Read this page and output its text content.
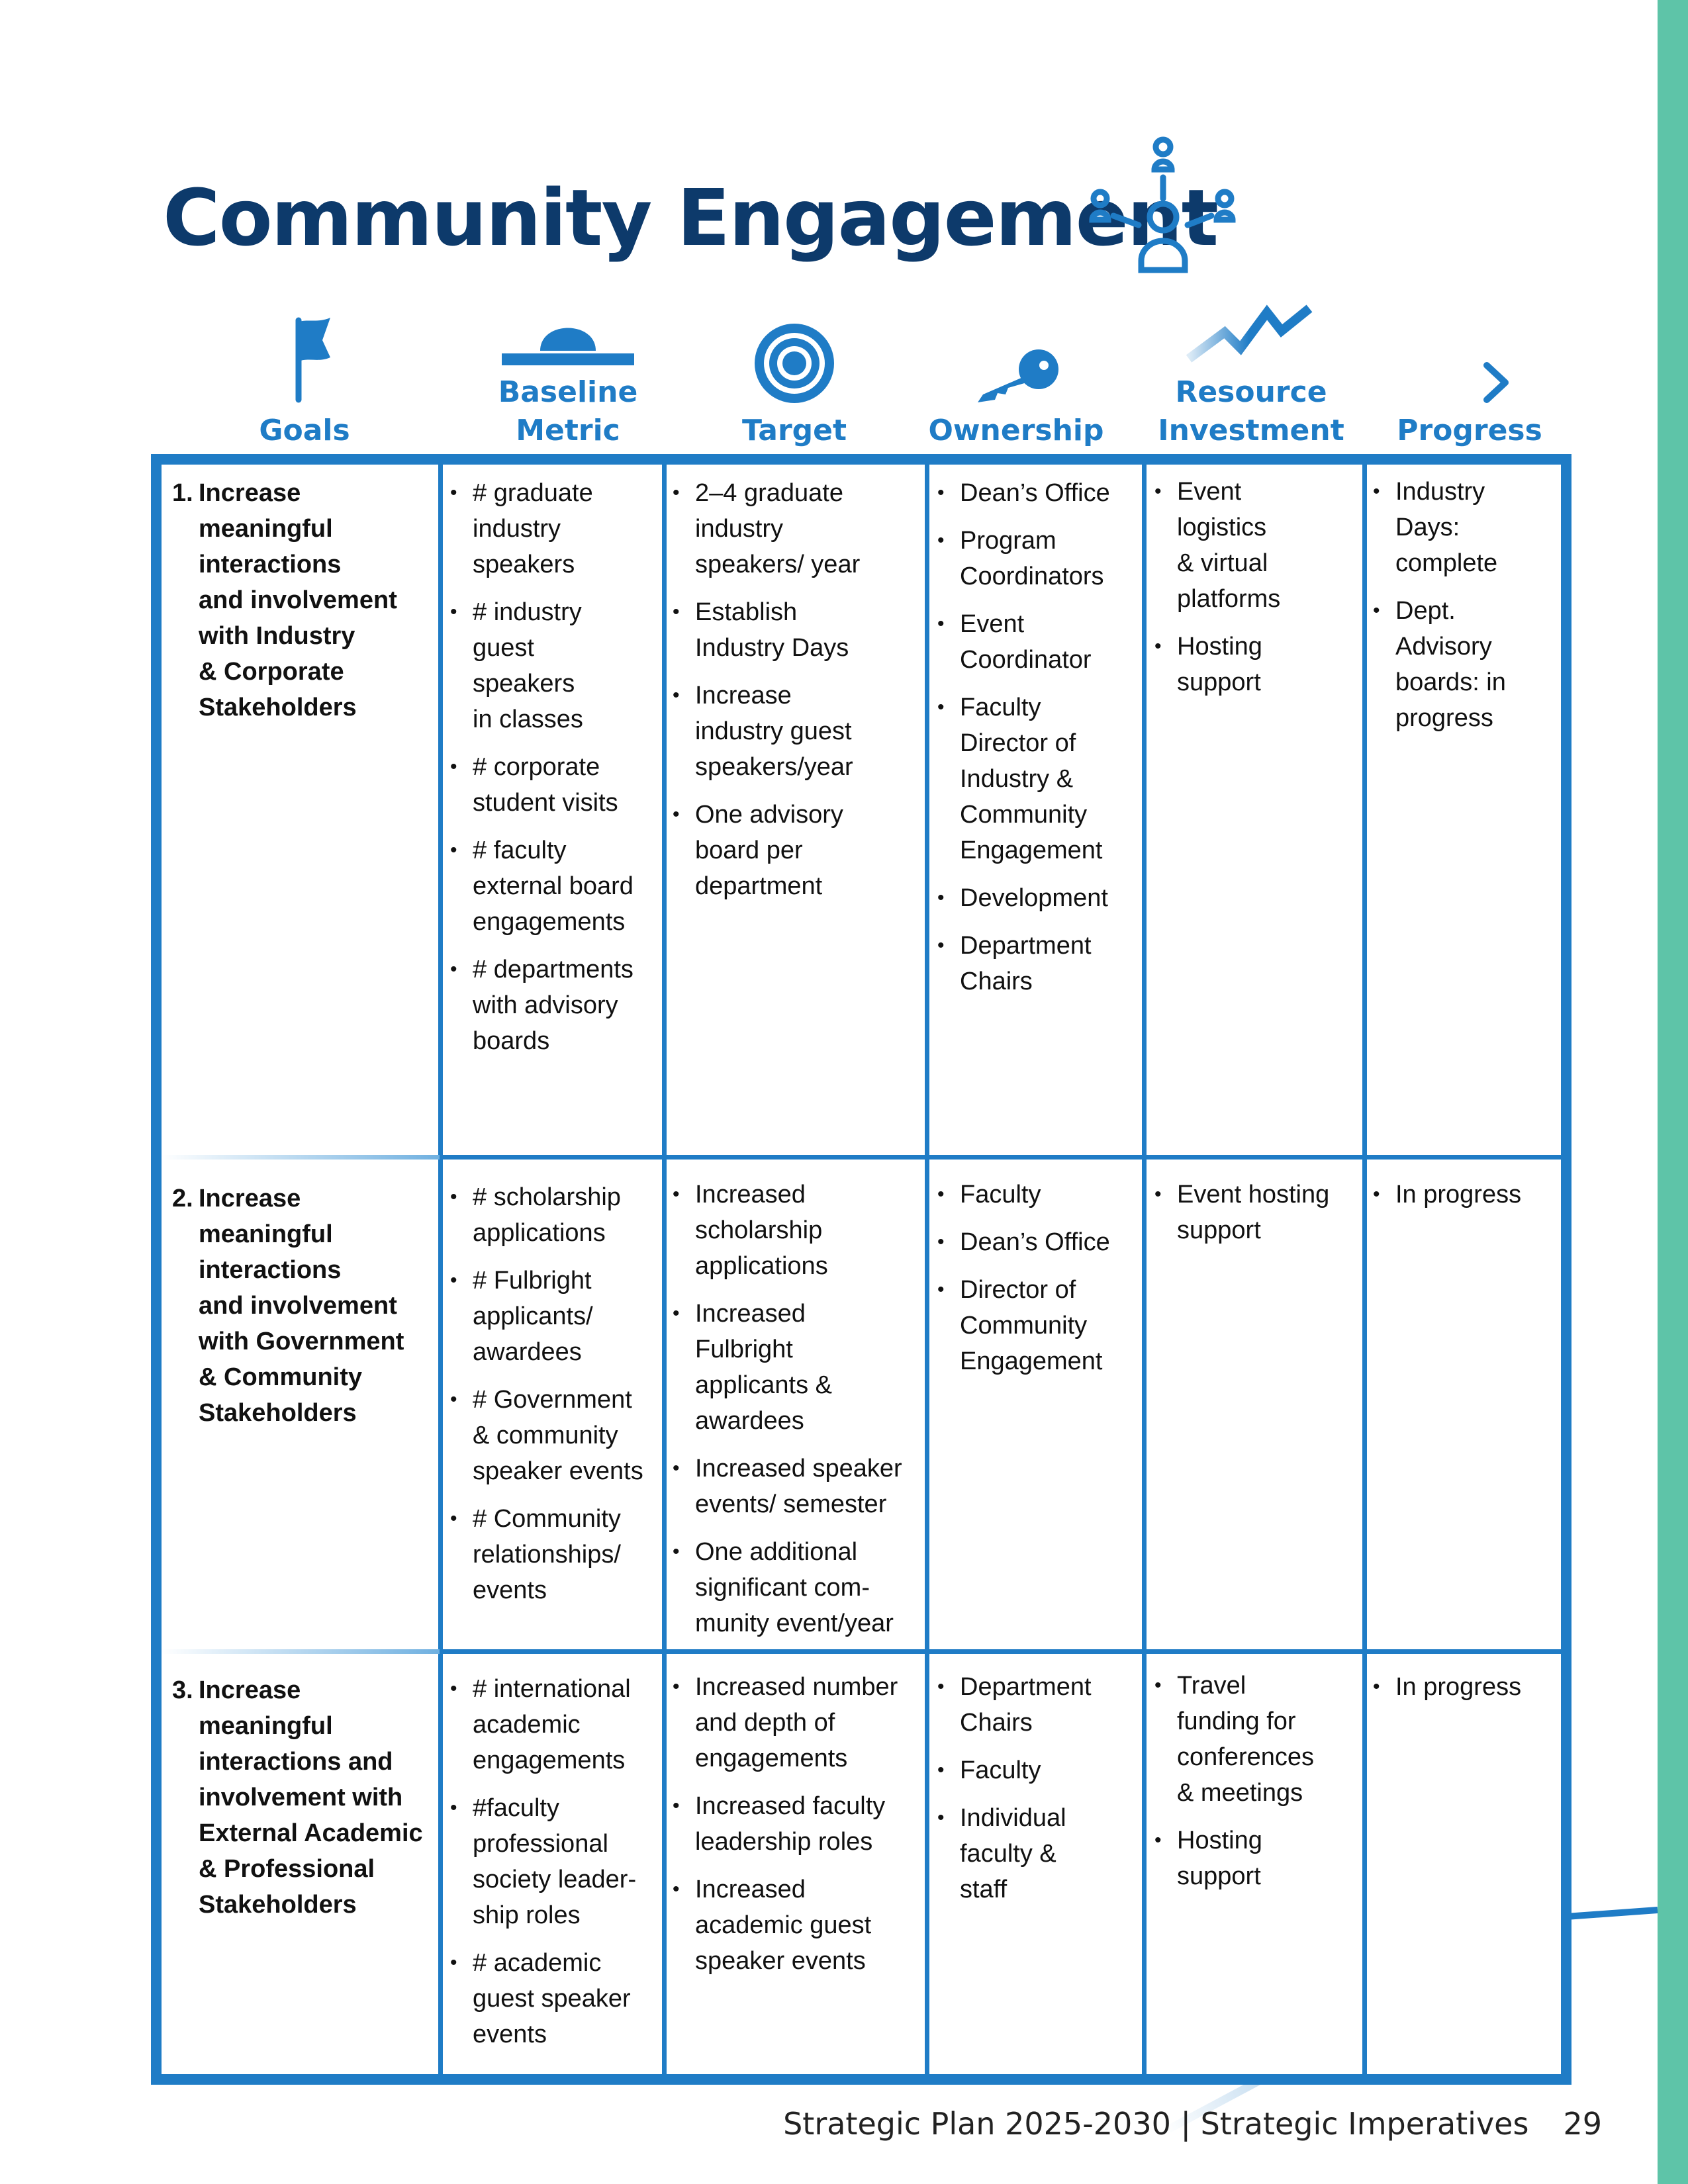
Community Engagement
Goals
Baseline
Metric	Target	Ownership
Resource
Investment Progress
1. Increase
meaningful
interactions
and involvement
with Industry
& Corporate
Stakeholders
• # graduate
industry
speakers
• # industry
guest
speakers
in classes
• # corporate
student visits
• # faculty
external board
engagements
• # departments
with advisory
boards
• 2–4 graduate
industry
speakers/ year
• Establish
Industry Days
• Increase
industry guest
speakers/year
• One advisory
board per
department
• Dean’s Office
• Program
Coordinators
• Event
Coordinator
• Faculty
Director of
Industry &
Community
Engagement
• Development
• Department
Chairs
• Event
logistics
& virtual
platforms
• Hosting
support
• Industry
Days:
complete
• Dept.
Advisory
boards: in
progress
2. Increase
meaningful
interactions
and involvement
with Government
& Community
Stakeholders
• # scholarship
applications
• # Fulbright
applicants/
awardees
• # Government
& community
speaker events
• # Community
relationships/
events
• Increased
scholarship
applications
• Increased
Fulbright
applicants &
awardees
• Increased speaker
events/ semester
• One additional
significant com-
munity event/year
• Faculty
• Dean’s Office
• Director of
Community
Engagement
• Event hosting
support
• In progress
3. Increase
meaningful
interactions and
involvement with
External Academic
& Professional
Stakeholders
• # international
academic
engagements
• #faculty
professional
society leader-
ship roles
• # academic
guest speaker
events
• Increased number
and depth of
engagements
• Increased faculty
leadership roles
• Increased
academic guest
speaker events
• Department
Chairs
• Faculty
• Individual
faculty &
staff
• Travel
funding for
conferences
& meetings
• Hosting
support
• In progress
Strategic Plan 2025-2030 | Strategic Imperatives 29
